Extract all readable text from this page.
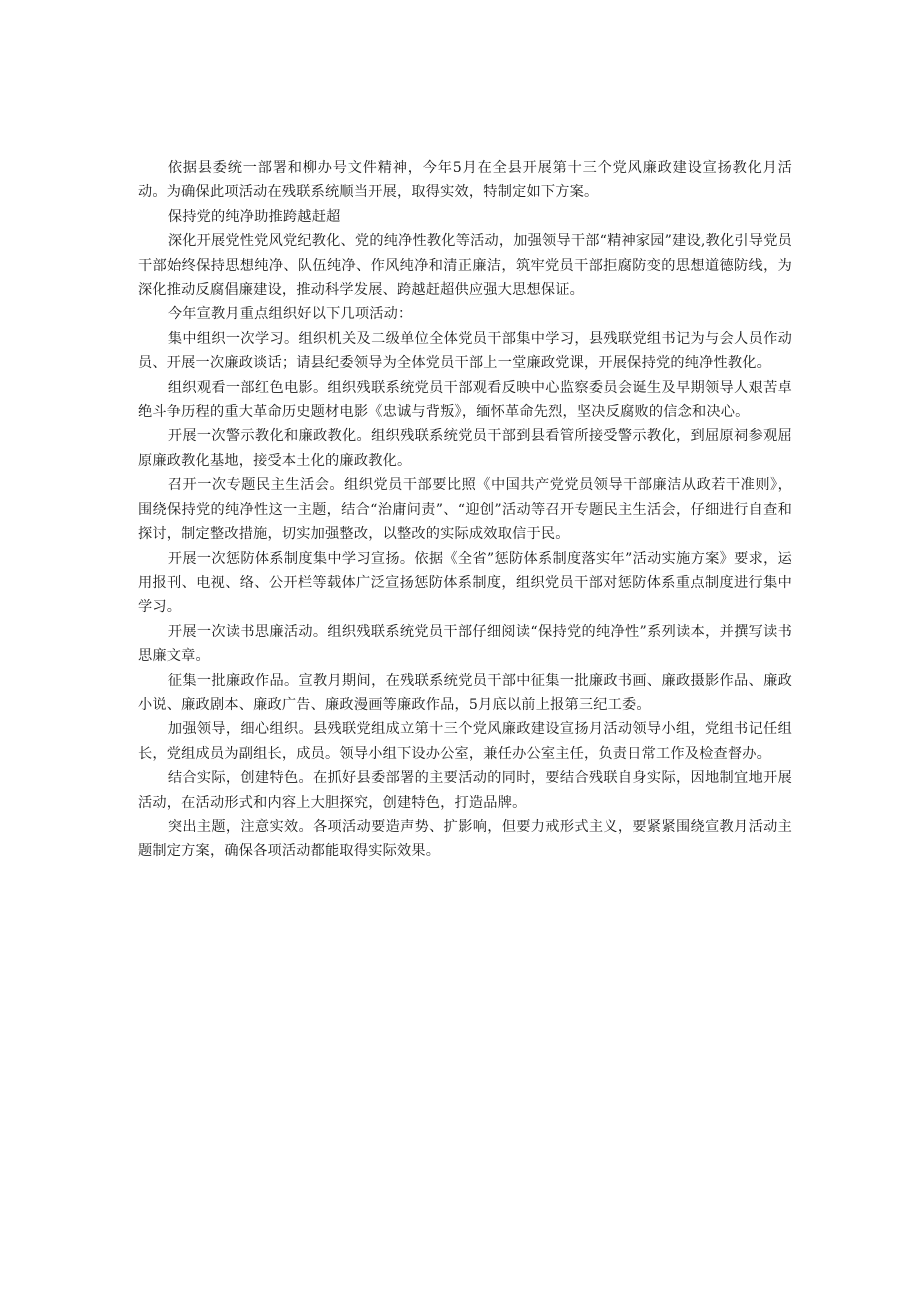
依据县委统一部署和柳办号文件精神，今年5月在全县开展第十三个党风廉政建设宣扬教化月活动。为确保此项活动在残联系统顺当开展，取得实效，特制定如下方案。

保持党的纯净助推跨越赶超

深化开展党性党风党纪教化、党的纯净性教化等活动，加强领导干部“精神家园”建设,教化引导党员干部始终保持思想纯净、队伍纯净、作风纯净和清正廉洁，筑牢党员干部拒腐防变的思想道德防线，为深化推动反腐倡廉建设，推动科学发展、跨越赶超供应强大思想保证。

今年宣教月重点组织好以下几项活动：

集中组织一次学习。组织机关及二级单位全体党员干部集中学习，县残联党组书记为与会人员作动员、开展一次廉政谈话；请县纪委领导为全体党员干部上一堂廉政党课，开展保持党的纯净性教化。

组织观看一部红色电影。组织残联系统党员干部观看反映中心监察委员会诞生及早期领导人艰苦卓绝斗争历程的重大革命历史题材电影《忠诚与背叛》，缅怀革命先烈，坚决反腐败的信念和决心。

开展一次警示教化和廉政教化。组织残联系统党员干部到县看管所接受警示教化，到屈原祠参观屈原廉政教化基地，接受本土化的廉政教化。

召开一次专题民主生活会。组织党员干部要比照《中国共产党党员领导干部廉洁从政若干准则》，围绕保持党的纯净性这一主题，结合“治庸问责”、“迎创”活动等召开专题民主生活会，仔细进行自查和探讨，制定整改措施，切实加强整改，以整改的实际成效取信于民。

开展一次惩防体系制度集中学习宣扬。依据《全省”惩防体系制度落实年”活动实施方案》要求，运用报刊、电视、络、公开栏等载体广泛宣扬惩防体系制度，组织党员干部对惩防体系重点制度进行集中学习。

开展一次读书思廉活动。组织残联系统党员干部仔细阅读“保持党的纯净性”系列读本，并撰写读书思廉文章。

征集一批廉政作品。宣教月期间，在残联系统党员干部中征集一批廉政书画、廉政摄影作品、廉政小说、廉政剧本、廉政广告、廉政漫画等廉政作品，5月底以前上报第三纪工委。

加强领导，细心组织。县残联党组成立第十三个党风廉政建设宣扬月活动领导小组，党组书记任组长，党组成员为副组长，成员。领导小组下设办公室，兼任办公室主任，负责日常工作及检查督办。

结合实际，创建特色。在抓好县委部署的主要活动的同时，要结合残联自身实际，因地制宜地开展活动，在活动形式和内容上大胆探究，创建特色，打造品牌。

突出主题，注意实效。各项活动要造声势、扩影响，但要力戒形式主义，要紧紧围绕宣教月活动主题制定方案，确保各项活动都能取得实际效果。
